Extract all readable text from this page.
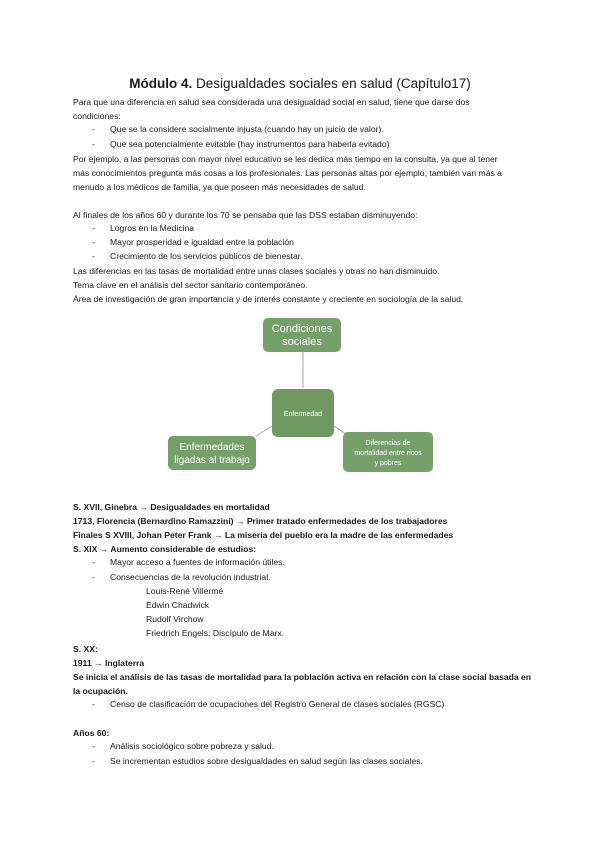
Módulo 4. Desigualdades sociales en salud (Capítulo17)
Para que una diferencia en salud sea considerada una desigualdad social en salud, tiene que darse dos
condiciones:
- Que se la considere socialmente injusta (cuando hay un juicio de valor).
- Que sea potencialmente evitable (hay instrumentos para haberla evitado)
Por ejemplo, a las personas con mayor nivel educativo se les dedica más tiempo en la consulta, ya que al tener
más conocimientos pregunta más cosas a los profesionales. Las personas altas por ejemplo, también van más a
menudo a los médicos de familia, ya que poseen más necesidades de salud.
Al finales de los años 60 y durante los 70 se pensaba que las DSS estaban disminuyendo:
- Logros en la Medicina
- Mayor prosperidad e igualdad entre la población
- Crecimiento de los servicios públicos de bienestar.
Las diferencias en las tasas de mortalidad entre unas clases sociales y otras no han disminuido.
Tema clave en el análisis del sector sanitario contemporáneo.
Área de investigación de gran importancia y de interés constante y creciente en sociología de la salud.
Condiciones
sociales
Enfermedad
Enfermedades
ligadas al trabajo
Diferencias de
mortalidad entre ricos
y pobres
S. XVII, Ginebra → Desigualdades en mortalidad
1713, Florencia (Bernardino Ramazzini) → Primer tratado enfermedades de los trabajadores
Finales S XVIII, Johan Peter Frank → La miseria del pueblo era la madre de las enfermedades
S. XIX → Aumento considerable de estudios:
- Mayor acceso a fuentes de información útiles.
- Consecuencias de la revolución industrial.
Louis-René Villermé
Edwin Chadwick
Rudolf Virchow
Friedrich Engels: Discípulo de Marx.
S. XX:
1911 → Inglaterra
Se inicia el análisis de las tasas de mortalidad para la población activa en relación con la clase social basada en
la ocupación.
- Censo de clasificación de ocupaciones del Registro General de clases sociales (RGSC)
Años 60:
- Análisis sociológico sobre pobreza y salud.
- Se incrementan estudios sobre desigualdades en salud según las clases sociales.
